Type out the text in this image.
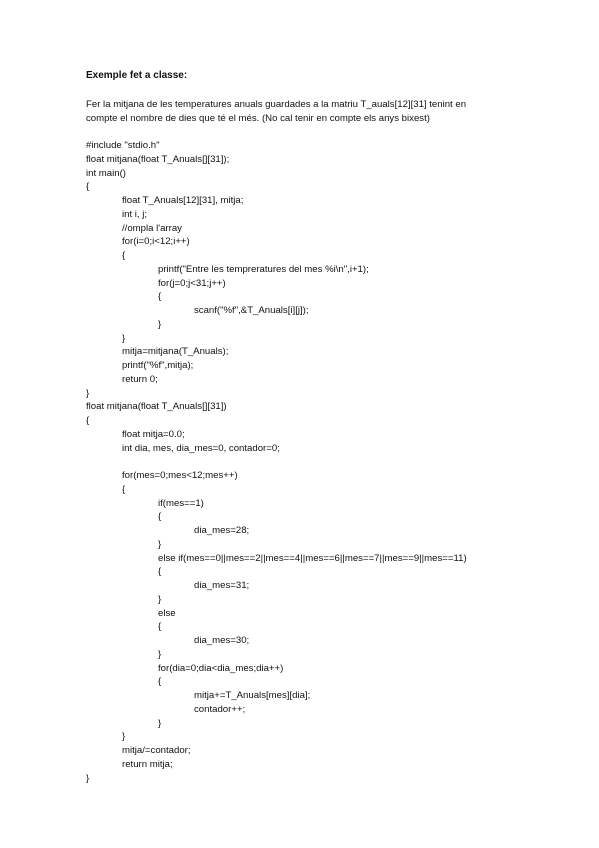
Exemple fet a classe:
Fer la mitjana de les temperatures anuals guardades a la matriu T_auals[12][31] tenint en
compte el nombre de dies que té el més. (No cal tenir en compte els anys bixest)
#include "stdio.h"
float mitjana(float T_Anuals[][31]);
int main()
{
float T_Anuals[12][31], mitja;
int i, j;
//ompla l'array
for(i=0;i<12;i++)
{
printf("Entre les tempreratures del mes %i\n",i+1);
for(j=0;j<31;j++)
{
scanf("%f",&T_Anuals[i][j]);
}
}
mitja=mitjana(T_Anuals);
printf("%f",mitja);
return 0;
}
float mitjana(float T_Anuals[][31])
{
float mitja=0.0;
int dia, mes, dia_mes=0, contador=0;
for(mes=0;mes<12;mes++)
{
if(mes==1)
{
dia_mes=28;
}
else if(mes==0||mes==2||mes==4||mes==6||mes==7||mes==9||mes==11)
{
dia_mes=31;
}
else
{
dia_mes=30;
}
for(dia=0;dia<dia_mes;dia++)
{
mitja+=T_Anuals[mes][dia];
contador++;
}
}
mitja/=contador;
return mitja;
}
